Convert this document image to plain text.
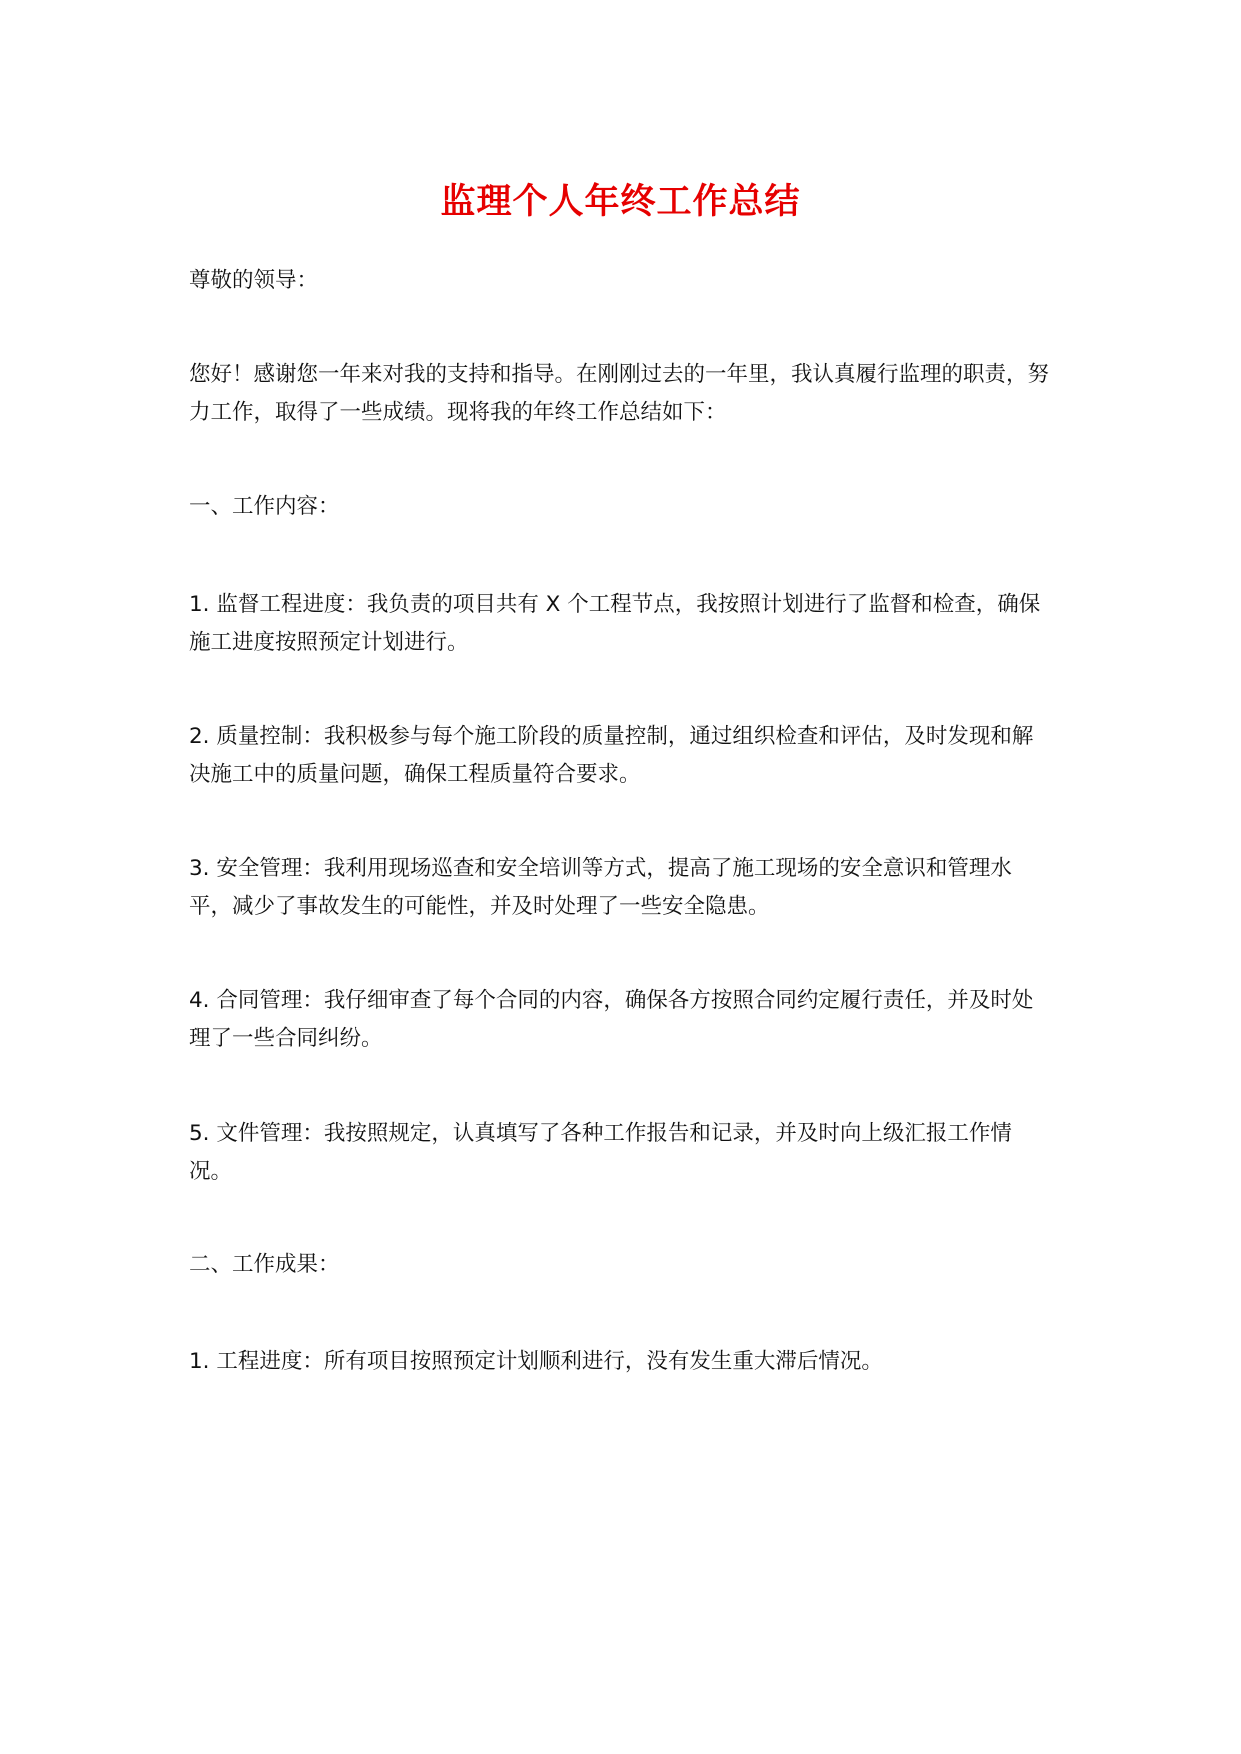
监理个人年终工作总结

尊敬的领导：

您好！感谢您一年来对我的支持和指导。在刚刚过去的一年里，我认真履行监理的职责，努力工作，取得了一些成绩。现将我的年终工作总结如下：

一、工作内容：

1. 监督工程进度：我负责的项目共有 X 个工程节点，我按照计划进行了监督和检查，确保施工进度按照预定计划进行。

2. 质量控制：我积极参与每个施工阶段的质量控制，通过组织检查和评估，及时发现和解决施工中的质量问题，确保工程质量符合要求。

3. 安全管理：我利用现场巡查和安全培训等方式，提高了施工现场的安全意识和管理水平，减少了事故发生的可能性，并及时处理了一些安全隐患。

4. 合同管理：我仔细审查了每个合同的内容，确保各方按照合同约定履行责任，并及时处理了一些合同纠纷。

5. 文件管理：我按照规定，认真填写了各种工作报告和记录，并及时向上级汇报工作情况。

二、工作成果：

1. 工程进度：所有项目按照预定计划顺利进行，没有发生重大滞后情况。
